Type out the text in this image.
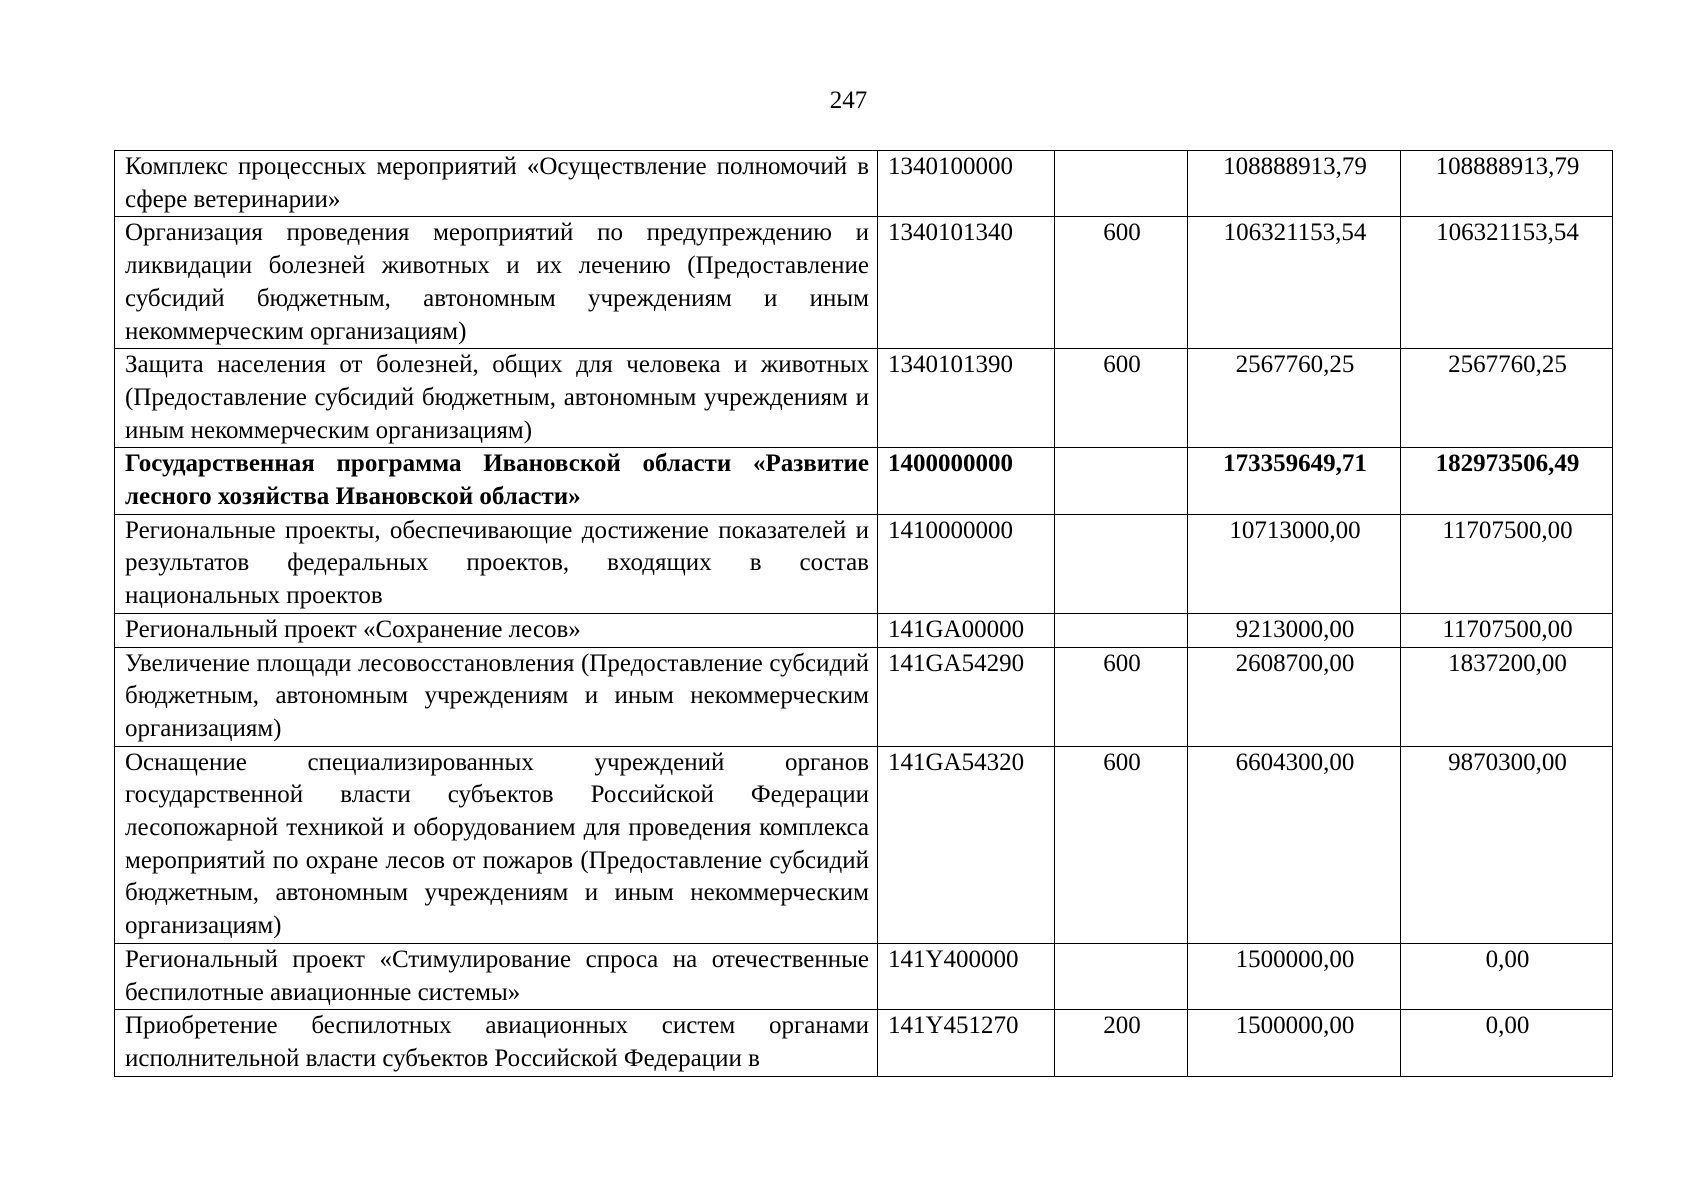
247
Комплекс процессных мероприятий «Осуществление полномочий в сфере ветеринарии»	1340100000		108888913,79	108888913,79
Организация проведения мероприятий по предупреждению и ликвидации болезней животных и их лечению (Предоставление субсидий бюджетным, автономным учреждениям и иным некоммерческим организациям)	1340101340	600	106321153,54	106321153,54
Защита населения от болезней, общих для человека и животных (Предоставление субсидий бюджетным, автономным учреждениям и иным некоммерческим организациям)	1340101390	600	2567760,25	2567760,25
Государственная программа Ивановской области «Развитие лесного хозяйства Ивановской области»	1400000000		173359649,71	182973506,49
Региональные проекты, обеспечивающие достижение показателей и результатов федеральных проектов, входящих в состав национальных проектов	1410000000		10713000,00	11707500,00
Региональный проект «Сохранение лесов»	141GA00000		9213000,00	11707500,00
Увеличение площади лесовосстановления (Предоставление субсидий бюджетным, автономным учреждениям и иным некоммерческим организациям)	141GA54290	600	2608700,00	1837200,00
Оснащение специализированных учреждений органов государственной власти субъектов Российской Федерации лесопожарной техникой и оборудованием для проведения комплекса мероприятий по охране лесов от пожаров (Предоставление субсидий бюджетным, автономным учреждениям и иным некоммерческим организациям)	141GA54320	600	6604300,00	9870300,00
Региональный проект «Стимулирование спроса на отечественные беспилотные авиационные системы»	141Y400000		1500000,00	0,00
Приобретение беспилотных авиационных систем органами исполнительной власти субъектов Российской Федерации в	141Y451270	200	1500000,00	0,00
